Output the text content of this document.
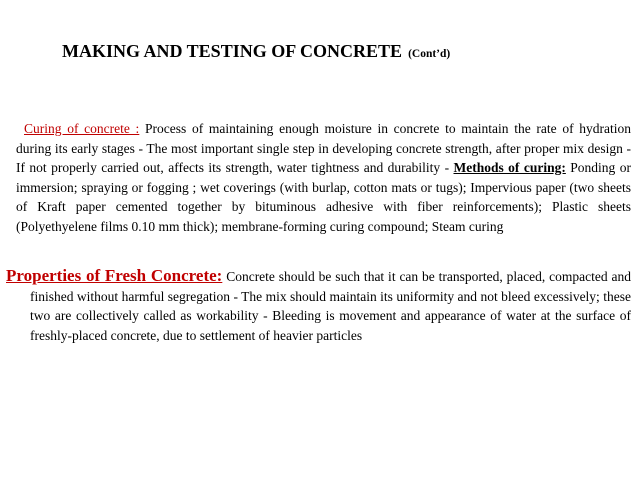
MAKING AND TESTING OF CONCRETE (Cont’d)
Curing of concrete : Process of maintaining enough moisture in concrete to maintain the rate of hydration during its early stages - The most important single step in developing concrete strength, after proper mix design - If not properly carried out, affects its strength, water tightness and durability - Methods of curing: Ponding or immersion; spraying or fogging ; wet coverings (with burlap, cotton mats or tugs); Impervious paper (two sheets of Kraft paper cemented together by bituminous adhesive with fiber reinforcements); Plastic sheets (Polyethyelene films 0.10 mm thick); membrane-forming curing compound; Steam curing
Properties of Fresh Concrete: Concrete should be such that it can be transported, placed, compacted and finished without harmful segregation - The mix should maintain its uniformity and not bleed excessively; these two are collectively called as workability - Bleeding is movement and appearance of water at the surface of freshly-placed concrete, due to settlement of heavier particles
